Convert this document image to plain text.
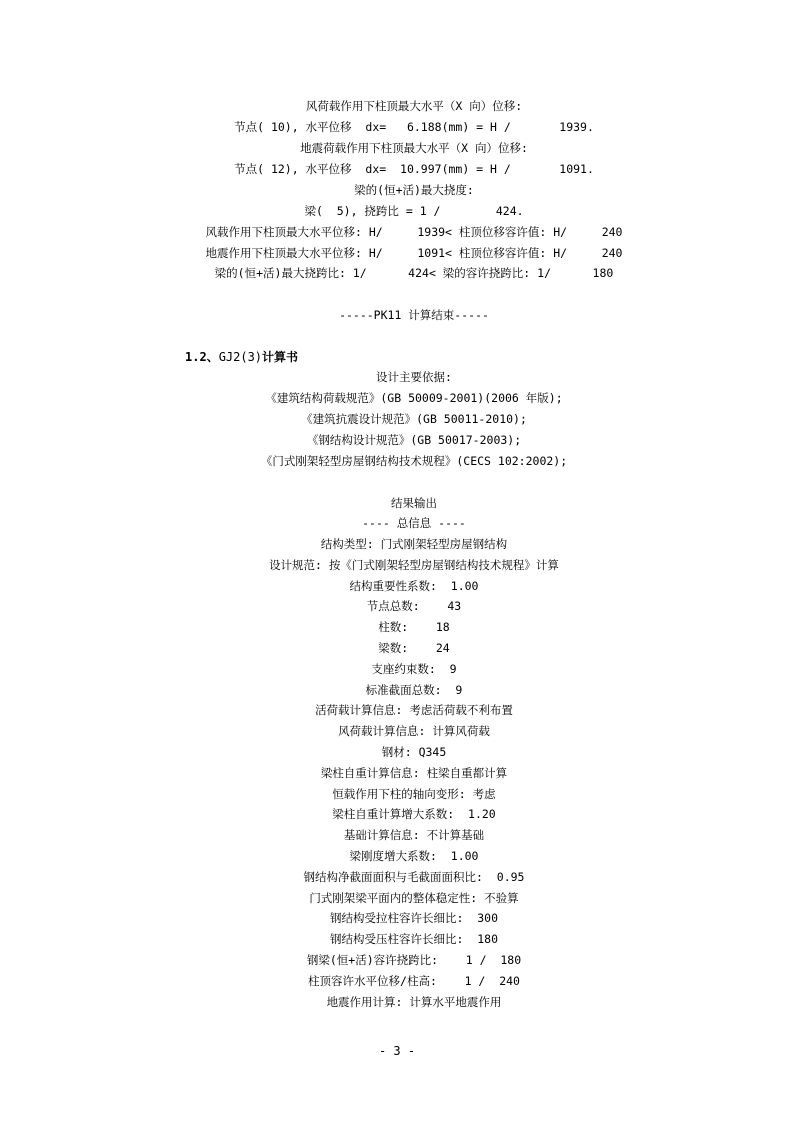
风荷载作用下柱顶最大水平（X 向）位移:
节点( 10), 水平位移  dx=   6.188(mm) = H /       1939.
地震荷载作用下柱顶最大水平（X 向）位移:
节点( 12), 水平位移  dx=  10.997(mm) = H /       1091.
梁的(恒+活)最大挠度:
梁(  5), 挠跨比 = 1 /        424.
风载作用下柱顶最大水平位移: H/     1939< 柱顶位移容许值: H/     240
地震作用下柱顶最大水平位移: H/     1091< 柱顶位移容许值: H/     240
梁的(恒+活)最大挠跨比: 1/      424< 梁的容许挠跨比: 1/      180
-----PK11 计算结束-----
1.2、GJ2(3)计算书
设计主要依据:
《建筑结构荷载规范》(GB 50009-2001)(2006 年版);
《建筑抗震设计规范》(GB 50011-2010);
《钢结构设计规范》(GB 50017-2003);
《门式刚架轻型房屋钢结构技术规程》(CECS 102:2002);
结果输出
---- 总信息 ----
结构类型: 门式刚架轻型房屋钢结构
设计规范: 按《门式刚架轻型房屋钢结构技术规程》计算
结构重要性系数:  1.00
节点总数:    43
柱数:    18
梁数:    24
支座约束数:  9
标准截面总数:  9
活荷载计算信息: 考虑活荷载不利布置
风荷载计算信息: 计算风荷载
钢材: Q345
梁柱自重计算信息: 柱梁自重都计算
恒载作用下柱的轴向变形: 考虑
梁柱自重计算增大系数:  1.20
基础计算信息: 不计算基础
梁刚度增大系数:  1.00
钢结构净截面面积与毛截面面积比:  0.95
门式刚架梁平面内的整体稳定性: 不验算
钢结构受拉柱容许长细比:  300
钢结构受压柱容许长细比:  180
钢梁(恒+活)容许挠跨比:    1 /  180
柱顶容许水平位移/柱高:    1 /  240
地震作用计算: 计算水平地震作用
- 3 -
